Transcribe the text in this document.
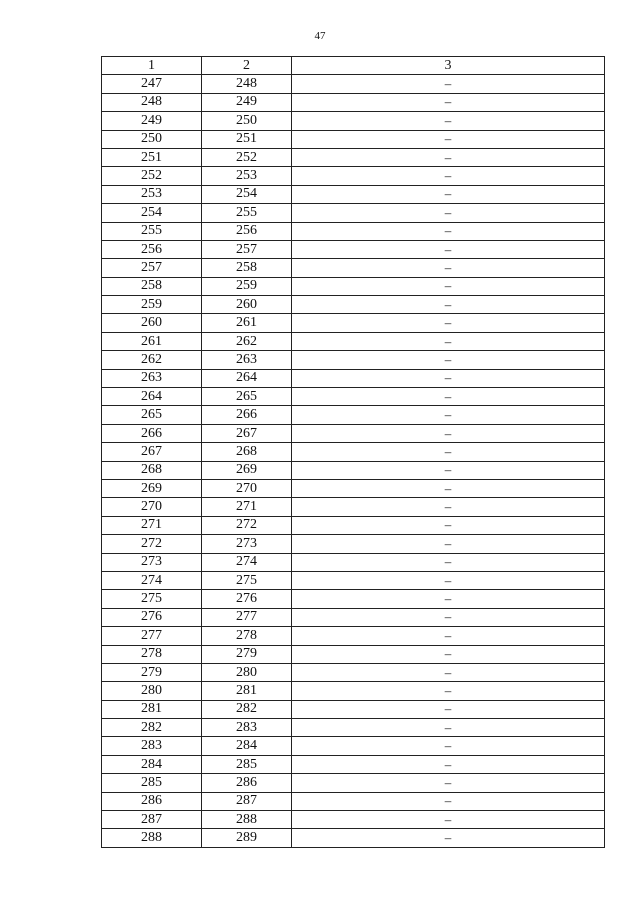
47
1	2	3
247	248	–
248	249	–
249	250	–
250	251	–
251	252	–
252	253	–
253	254	–
254	255	–
255	256	–
256	257	–
257	258	–
258	259	–
259	260	–
260	261	–
261	262	–
262	263	–
263	264	–
264	265	–
265	266	–
266	267	–
267	268	–
268	269	–
269	270	–
270	271	–
271	272	–
272	273	–
273	274	–
274	275	–
275	276	–
276	277	–
277	278	–
278	279	–
279	280	–
280	281	–
281	282	–
282	283	–
283	284	–
284	285	–
285	286	–
286	287	–
287	288	–
288	289	–
